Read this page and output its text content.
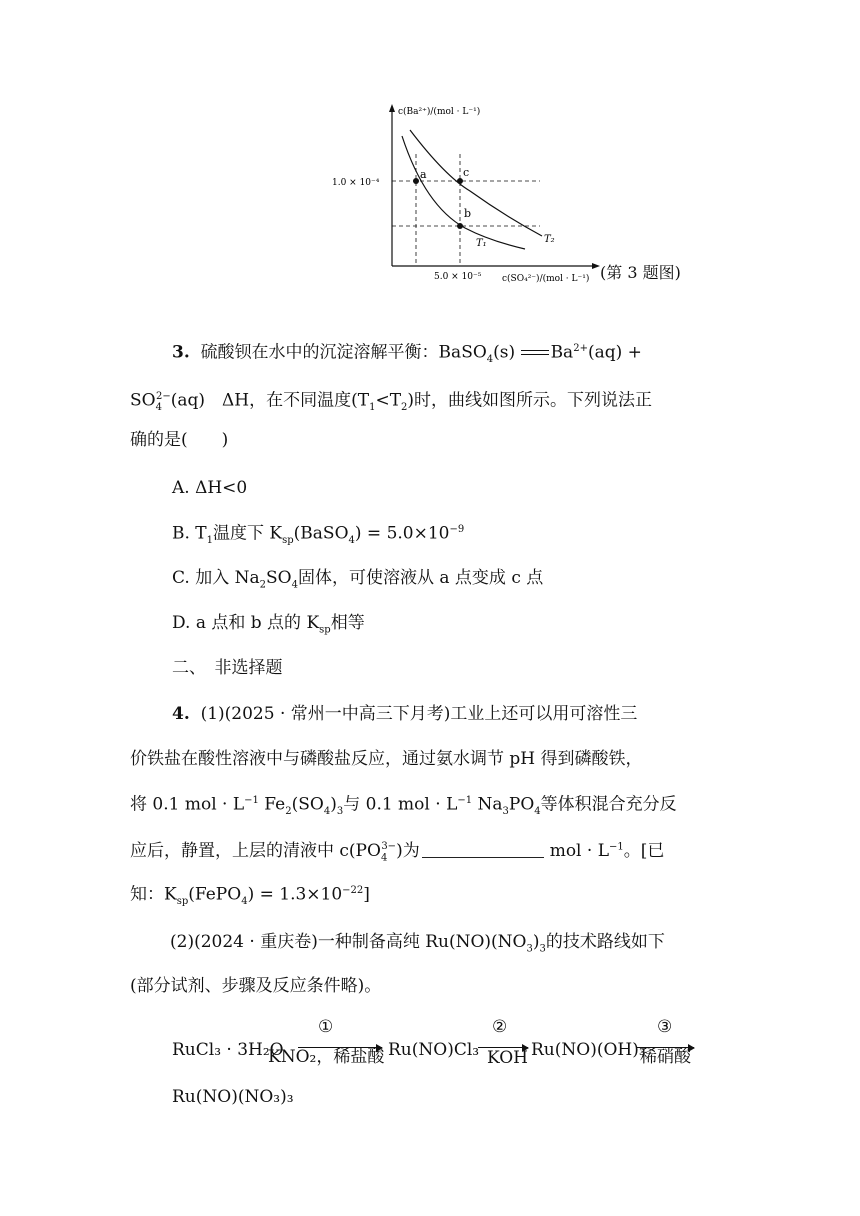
a
b
c
T₁	T₂
c(Ba²⁺)/(mol · L⁻¹)
1.0 × 10⁻⁴
5.0 × 10⁻⁵ c(SO₄²⁻)/(mol · L⁻¹) (第 3 题图)
3. 硫酸钡在水中的沉淀溶解平衡：BaSO$_4$(s) $Ba^{2+}(aq)$ +
$SO_4^{2-}(aq)$　ΔH，在不同温度$(T_1<T_2)$时，曲线如图所示。下列说法正
确的是(　　)
A. ΔH<0
B. $T_1$温度下 $K_{sp}(BaSO_4) = 5.0\times 10^{-9}$
C. 加入 $Na_2SO_4$固体，可使溶液从 a 点变成 c 点
D. a 点和 b 点的 $K_{sp}$相等
二、　非选择题
4. (1)(2025 · 常州一中高三下月考)工业上还可以用可溶性三
价铁盐在酸性溶液中与磷酸盐反应，通过氨水调节 pH 得到磷酸铁，
将 0.1 mol · $L^{-1}$ $Fe_2(SO_4)_3$与 0.1 mol · $L^{-1}$ $Na_3PO_4$等体积混合充分反
应后，静置，上层的清液中 $c(PO_4^{3-})$为	mol · $L^{-1}$。[已
知：$K_{sp}(FePO_4) = 1.3\times 10^{-22}$]
(2)(2024 · 重庆卷)一种制备高纯 $Ru(NO)(NO_3)_3$的技术路线如下
(部分试剂、步骤及反应条件略)。
RuCl₃ · 3H₂O
①
KNO₂，稀盐酸 Ru(NO)Cl₃
②
KOH Ru(NO)(OH)₃
③
稀硝酸
Ru(NO)(NO₃)₃
